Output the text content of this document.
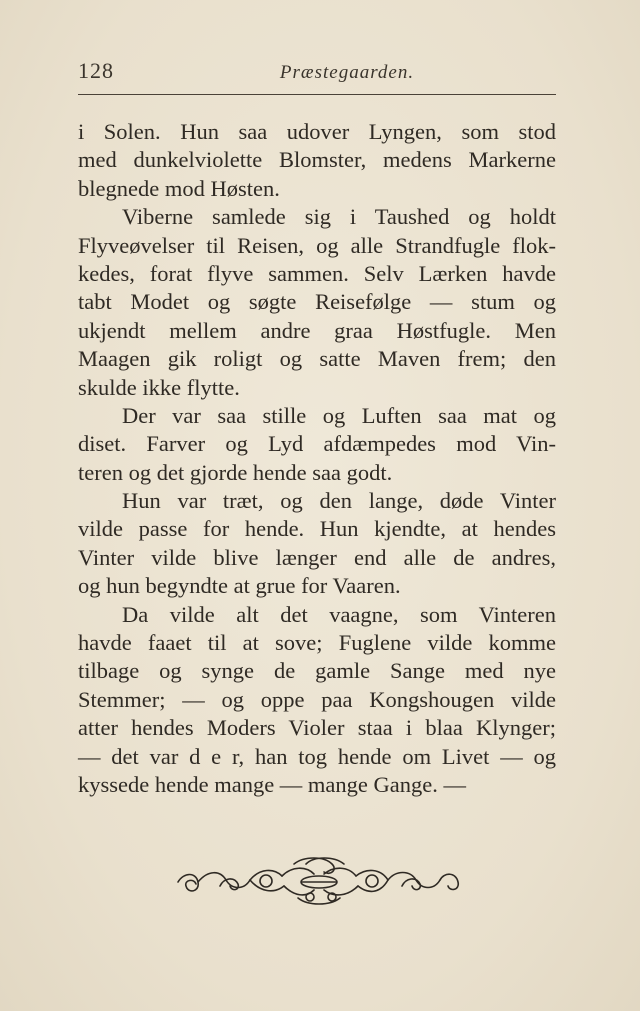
128	Præstegaarden.
i Solen. Hun saa udover Lyngen, som stod
med dunkelviolette Blomster, medens Markerne
blegnede mod Høsten.
Viberne samlede sig i Taushed og holdt
Flyveøvelser til Reisen, og alle Strandfugle flok-
kedes, forat flyve sammen. Selv Lærken havde
tabt Modet og søgte Reisefølge — stum og
ukjendt mellem andre graa Høstfugle. Men
Maagen gik roligt og satte Maven frem; den
skulde ikke flytte.
Der var saa stille og Luften saa mat og
diset. Farver og Lyd afdæmpedes mod Vin-
teren og det gjorde hende saa godt.
Hun var træt, og den lange, døde Vinter
vilde passe for hende. Hun kjendte, at hendes
Vinter vilde blive længer end alle de andres,
og hun begyndte at grue for Vaaren.
Da vilde alt det vaagne, som Vinteren
havde faaet til at sove; Fuglene vilde komme
tilbage og synge de gamle Sange med nye
Stemmer; — og oppe paa Kongshougen vilde
atter hendes Moders Violer staa i blaa Klynger;
— det var d e r, han tog hende om Livet — og
kyssede hende mange — mange Gange. —
